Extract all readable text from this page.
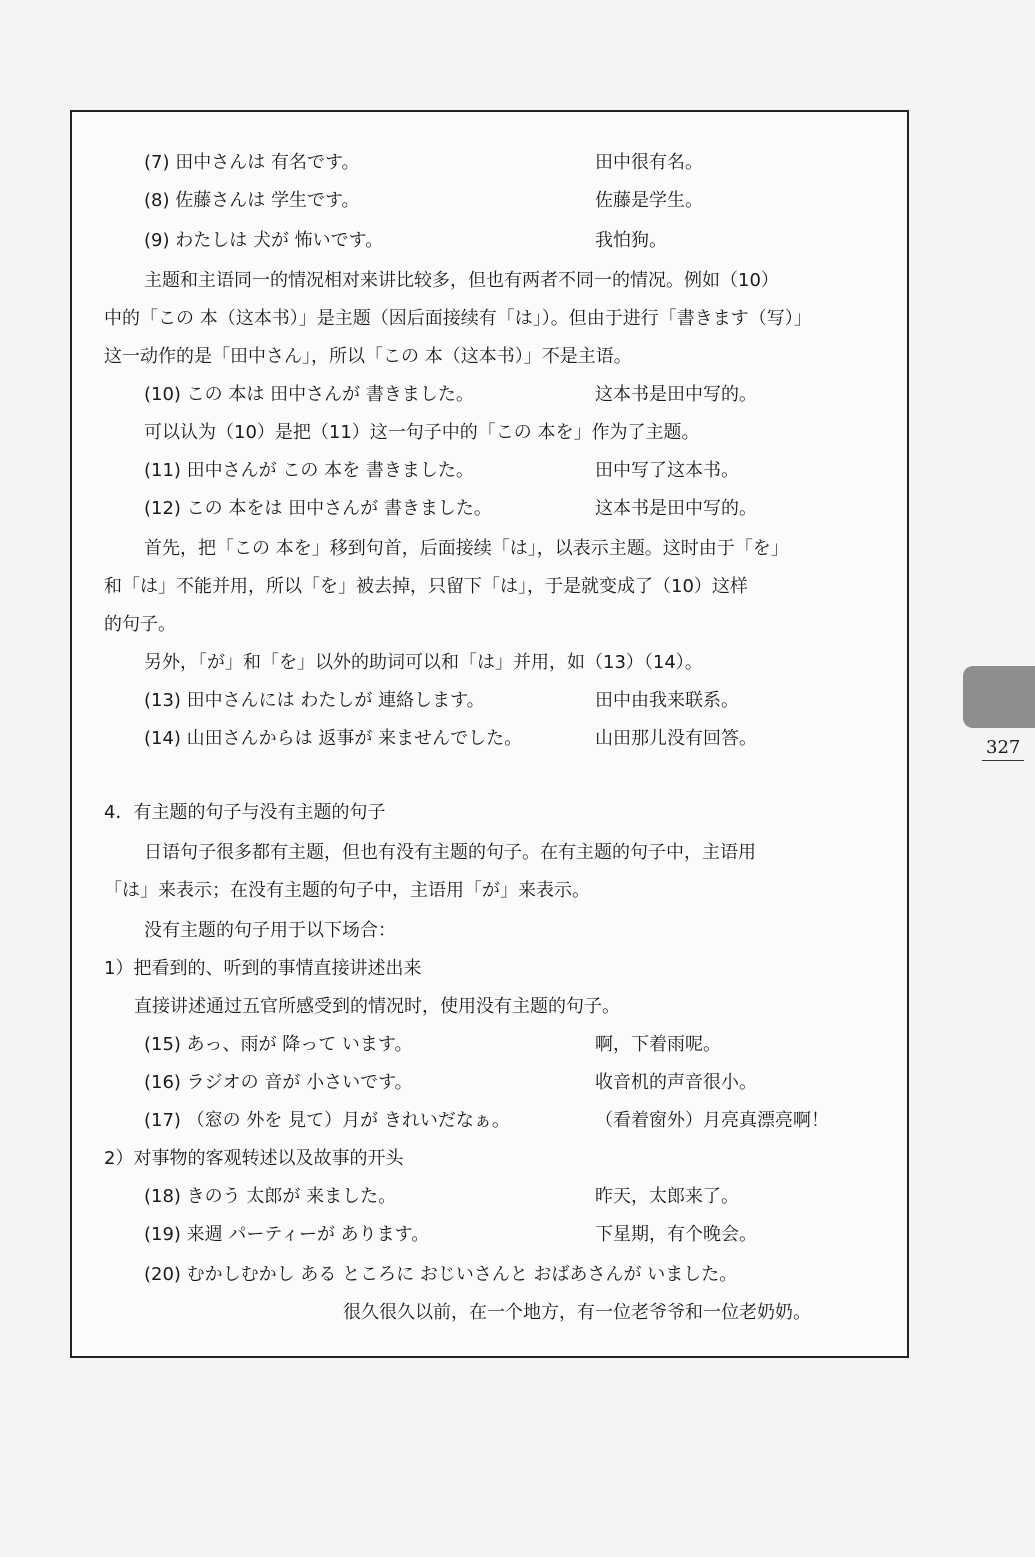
(7) 田中さんは 有名です。	田中很有名。
(8) 佐藤さんは 学生です。	佐藤是学生。
(9) わたしは 犬が 怖いです。	我怕狗。
主题和主语同一的情况相对来讲比较多，但也有两者不同一的情况。例如（10）
中的「この 本（这本书）」是主题（因后面接续有「は」）。但由于进行「書きます（写）」
这一动作的是「田中さん」，所以「この 本（这本书）」不是主语。
(10) この 本は 田中さんが 書きました。	这本书是田中写的。
可以认为（10）是把（11）这一句子中的「この 本を」作为了主题。
(11) 田中さんが この 本を 書きました。	田中写了这本书。
(12) この 本をは 田中さんが 書きました。	这本书是田中写的。
首先，把「この 本を」移到句首，后面接续「は」，以表示主题。这时由于「を」
和「は」不能并用，所以「を」被去掉，只留下「は」，于是就变成了（10）这样
的句子。
另外，「が」和「を」以外的助词可以和「は」并用，如（13）（14）。
(13) 田中さんには わたしが 連絡します。	田中由我来联系。
(14) 山田さんからは 返事が 来ませんでした。	山田那儿没有回答。
4．有主题的句子与没有主题的句子
日语句子很多都有主题，但也有没有主题的句子。在有主题的句子中，主语用
「は」来表示；在没有主题的句子中，主语用「が」来表示。
没有主题的句子用于以下场合：
1）把看到的、听到的事情直接讲述出来
直接讲述通过五官所感受到的情况时，使用没有主题的句子。
(15) あっ、雨が 降って います。	啊，下着雨呢。
(16) ラジオの 音が 小さいです。	收音机的声音很小。
(17) （窓の 外を 見て）月が きれいだなぁ。	（看着窗外）月亮真漂亮啊！
2）对事物的客观转述以及故事的开头
(18) きのう 太郎が 来ました。	昨天，太郎来了。
(19) 来週 パーティーが あります。	下星期，有个晚会。
(20) むかしむかし ある ところに おじいさんと おばあさんが いました。
很久很久以前，在一个地方，有一位老爷爷和一位老奶奶。
327
